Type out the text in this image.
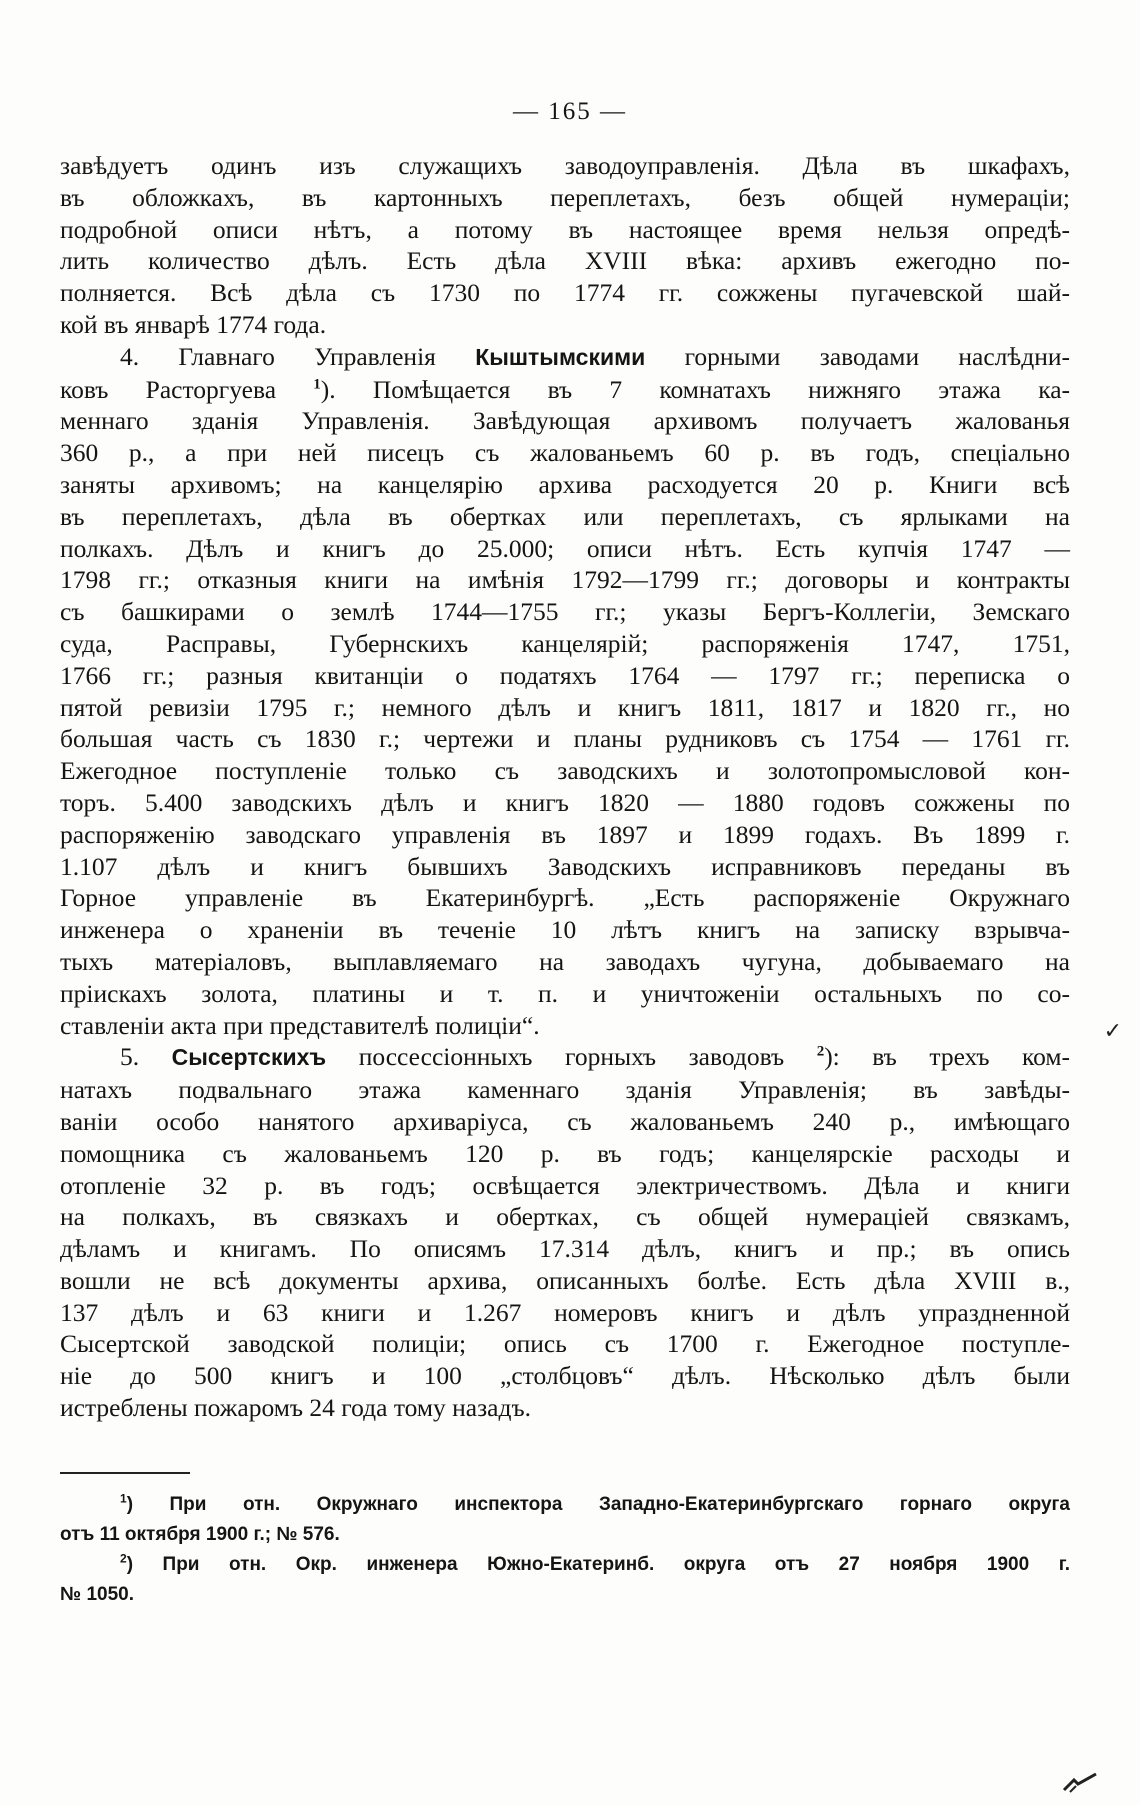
— 165 —
завѣдуетъ одинъ изъ служащихъ заводоуправленія. Дѣла въ шкафахъ,
въ обложкахъ, въ картонныхъ переплетахъ, безъ общей нумераціи;
подробной описи нѣтъ, а потому въ настоящее время нельзя опредѣ-
лить количество дѣлъ. Есть дѣла XVIII вѣка: архивъ ежегодно по-
полняется. Всѣ дѣла съ 1730 по 1774 гг. сожжены пугачевской шай-
кой въ январѣ 1774 года.
4. Главнаго Управленія Кыштымскими горными заводами наслѣдни-
ковъ Расторгуева $^1$). Помѣщается въ 7 комнатахъ нижняго этажа ка-
меннаго зданія Управленія. Завѣдующая архивомъ получаетъ жалованья
360 р., а при ней писецъ съ жалованьемъ 60 р. въ годъ, спеціально
заняты архивомъ; на канцелярію архива расходуется 20 р. Книги всѣ
въ переплетахъ, дѣла въ обертках или переплетахъ, съ ярлыками на
полкахъ. Дѣлъ и книгъ до 25.000; описи нѣтъ. Есть купчія 1747 —
1798 гг.; отказныя книги на имѣнія 1792—1799 гг.; договоры и контракты
съ башкирами о землѣ 1744—1755 гг.; указы Бергъ-Коллегіи, Земскаго
суда, Расправы, Губернскихъ канцелярій; распоряженія 1747, 1751,
1766 гг.; разныя квитанціи о податяхъ 1764 — 1797 гг.; переписка о
пятой ревизіи 1795 г.; немного дѣлъ и книгъ 1811, 1817 и 1820 гг., но
большая часть съ 1830 г.; чертежи и планы рудниковъ съ 1754 — 1761 гг.
Ежегодное поступленіе только съ заводскихъ и золотопромысловой кон-
торъ. 5.400 заводскихъ дѣлъ и книгъ 1820 — 1880 годовъ сожжены по
распоряженію заводскаго управленія въ 1897 и 1899 годахъ. Въ 1899 г.
1.107 дѣлъ и книгъ бывшихъ Заводскихъ исправниковъ переданы въ
Горное управленіе въ Екатеринбургѣ. „Есть распоряженіе Окружнаго
инженера о храненіи въ теченіе 10 лѣтъ книгъ на записку взрывча-
тыхъ матеріаловъ, выплавляемаго на заводахъ чугуна, добываемаго на
пріискахъ золота, платины и т. п. и уничтоженіи остальныхъ по со-
ставленіи акта при представителѣ полиціи“.
5. Сысертскихъ поссессіонныхъ горныхъ заводовъ $^2$): въ трехъ ком-
натахъ подвальнаго этажа каменнаго зданія Управленія; въ завѣды-
ваніи особо нанятого архиваріуса, съ жалованьемъ 240 р., имѣющаго
помощника съ жалованьемъ 120 р. въ годъ; канцелярскіе расходы и
отопленіе 32 р. въ годъ; освѣщается электричествомъ. Дѣла и книги
на полкахъ, въ связкахъ и обертках, съ общей нумераціей связкамъ,
дѣламъ и книгамъ. По описямъ 17.314 дѣлъ, книгъ и пр.; въ опись
вошли не всѣ документы архива, описанныхъ болѣе. Есть дѣла XVIII в.,
137 дѣлъ и 63 книги и 1.267 номеровъ книгъ и дѣлъ упраздненной
Сысертской заводской полиціи; опись съ 1700 г. Ежегодное поступле-
ніе до 500 книгъ и 100 „столбцовъ“ дѣлъ. Нѣсколько дѣлъ были
истреблены пожаромъ 24 года тому назадъ.
$^1$) При отн. Окружнаго инспектора Западно-Екатеринбургскаго горнаго округа
отъ 11 октября 1900 г.; № 576.
$^2$) При отн. Окр. инженера Южно-Екатеринб. округа отъ 27 ноября 1900 г.
№ 1050.
✓
